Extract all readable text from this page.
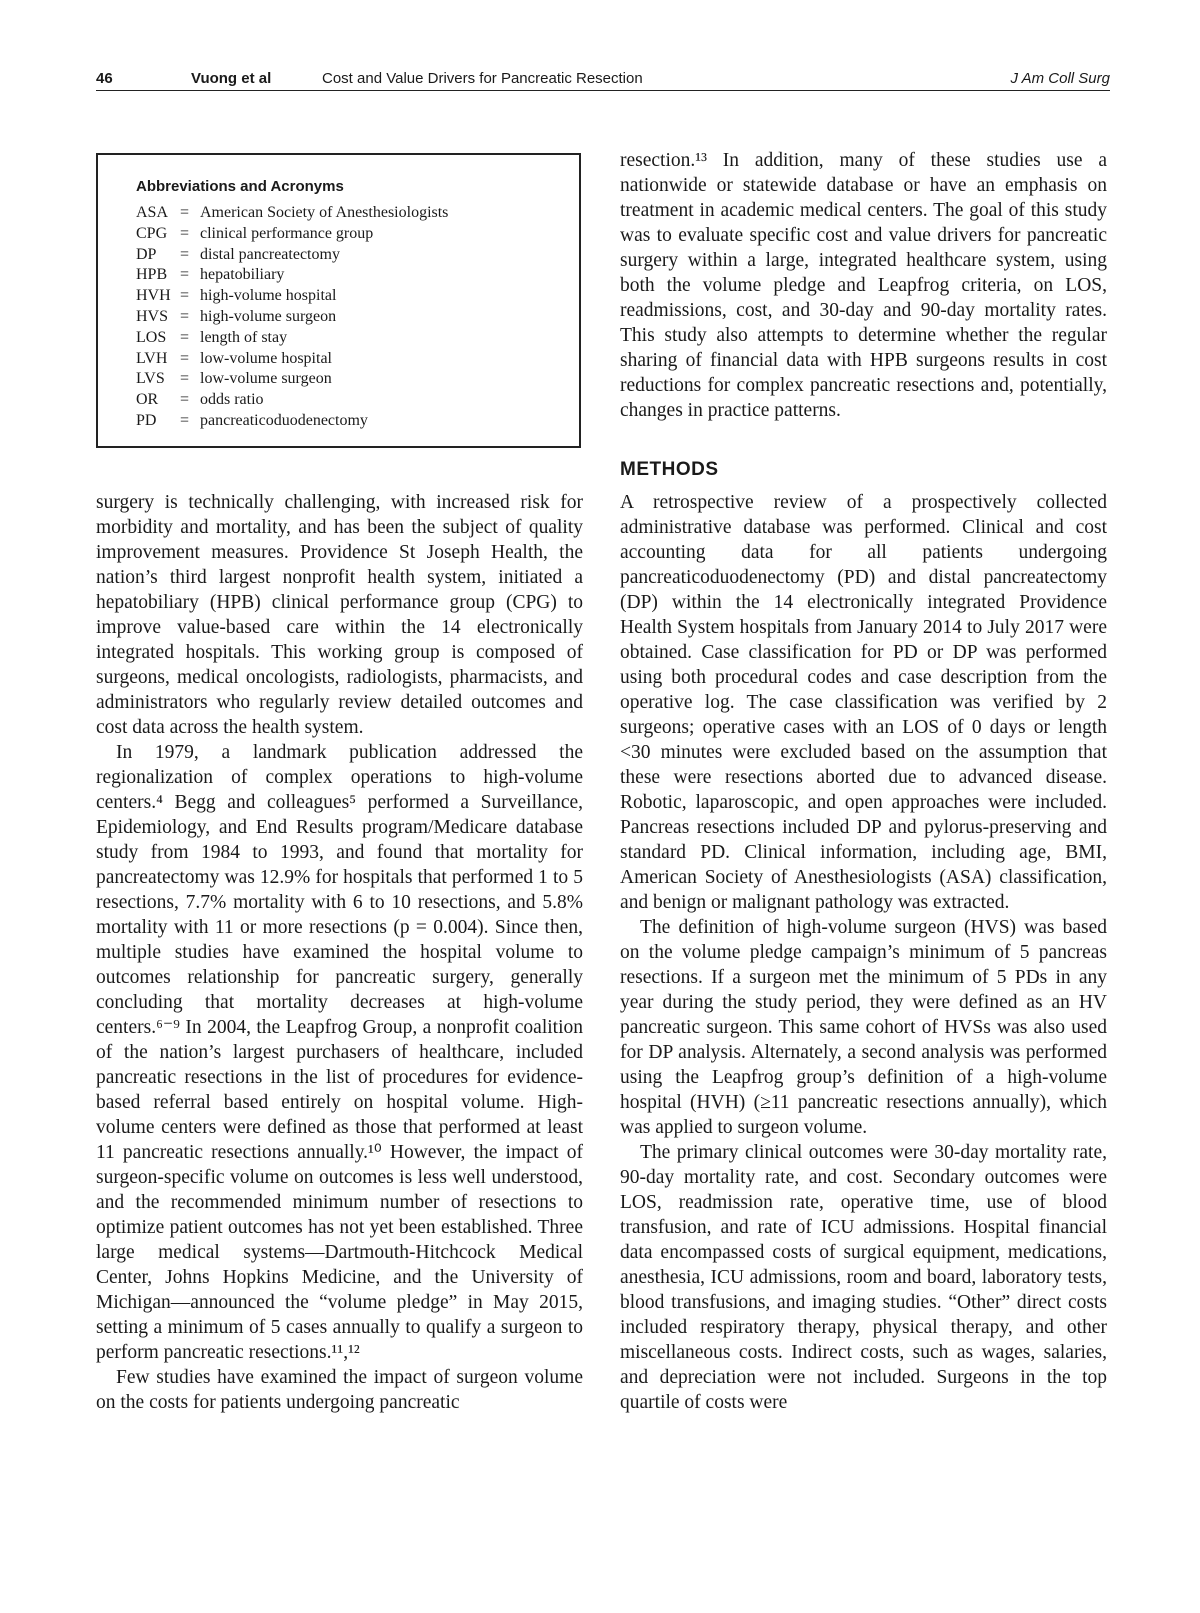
46	Vuong et al	Cost and Value Drivers for Pancreatic Resection	J Am Coll Surg
Abbreviations and Acronyms
ASA = American Society of Anesthesiologists
CPG = clinical performance group
DP = distal pancreatectomy
HPB = hepatobiliary
HVH = high-volume hospital
HVS = high-volume surgeon
LOS = length of stay
LVH = low-volume hospital
LVS = low-volume surgeon
OR = odds ratio
PD = pancreaticoduodenectomy

surgery is technically challenging, with increased risk for morbidity and mortality, and has been the subject of quality improvement measures. Providence St Joseph Health, the nation’s third largest nonprofit health system, initiated a hepatobiliary (HPB) clinical performance group (CPG) to improve value-based care within the 14 electronically integrated hospitals. This working group is composed of surgeons, medical oncologists, radiologists, pharmacists, and administrators who regularly review detailed outcomes and cost data across the health system.

In 1979, a landmark publication addressed the regionalization of complex operations to high-volume centers.⁴ Begg and colleagues⁵ performed a Surveillance, Epidemiology, and End Results program/Medicare database study from 1984 to 1993, and found that mortality for pancreatectomy was 12.9% for hospitals that performed 1 to 5 resections, 7.7% mortality with 6 to 10 resections, and 5.8% mortality with 11 or more resections (p = 0.004). Since then, multiple studies have examined the hospital volume to outcomes relationship for pancreatic surgery, generally concluding that mortality decreases at high-volume centers.⁶⁻⁹ In 2004, the Leapfrog Group, a nonprofit coalition of the nation’s largest purchasers of healthcare, included pancreatic resections in the list of procedures for evidence-based referral based entirely on hospital volume. High-volume centers were defined as those that performed at least 11 pancreatic resections annually.¹⁰ However, the impact of surgeon-specific volume on outcomes is less well understood, and the recommended minimum number of resections to optimize patient outcomes has not yet been established. Three large medical systems—Dartmouth-Hitchcock Medical Center, Johns Hopkins Medicine, and the University of Michigan—announced the “volume pledge” in May 2015, setting a minimum of 5 cases annually to qualify a surgeon to perform pancreatic resections.¹¹,¹²

Few studies have examined the impact of surgeon volume on the costs for patients undergoing pancreatic

resection.¹³ In addition, many of these studies use a nationwide or statewide database or have an emphasis on treatment in academic medical centers. The goal of this study was to evaluate specific cost and value drivers for pancreatic surgery within a large, integrated healthcare system, using both the volume pledge and Leapfrog criteria, on LOS, readmissions, cost, and 30-day and 90-day mortality rates. This study also attempts to determine whether the regular sharing of financial data with HPB surgeons results in cost reductions for complex pancreatic resections and, potentially, changes in practice patterns.

METHODS

A retrospective review of a prospectively collected administrative database was performed. Clinical and cost accounting data for all patients undergoing pancreaticoduodenectomy (PD) and distal pancreatectomy (DP) within the 14 electronically integrated Providence Health System hospitals from January 2014 to July 2017 were obtained. Case classification for PD or DP was performed using both procedural codes and case description from the operative log. The case classification was verified by 2 surgeons; operative cases with an LOS of 0 days or length <30 minutes were excluded based on the assumption that these were resections aborted due to advanced disease. Robotic, laparoscopic, and open approaches were included. Pancreas resections included DP and pylorus-preserving and standard PD. Clinical information, including age, BMI, American Society of Anesthesiologists (ASA) classification, and benign or malignant pathology was extracted.

The definition of high-volume surgeon (HVS) was based on the volume pledge campaign’s minimum of 5 pancreas resections. If a surgeon met the minimum of 5 PDs in any year during the study period, they were defined as an HV pancreatic surgeon. This same cohort of HVSs was also used for DP analysis. Alternately, a second analysis was performed using the Leapfrog group’s definition of a high-volume hospital (HVH) (≥11 pancreatic resections annually), which was applied to surgeon volume.

The primary clinical outcomes were 30-day mortality rate, 90-day mortality rate, and cost. Secondary outcomes were LOS, readmission rate, operative time, use of blood transfusion, and rate of ICU admissions. Hospital financial data encompassed costs of surgical equipment, medications, anesthesia, ICU admissions, room and board, laboratory tests, blood transfusions, and imaging studies. “Other” direct costs included respiratory therapy, physical therapy, and other miscellaneous costs. Indirect costs, such as wages, salaries, and depreciation were not included. Surgeons in the top quartile of costs were
